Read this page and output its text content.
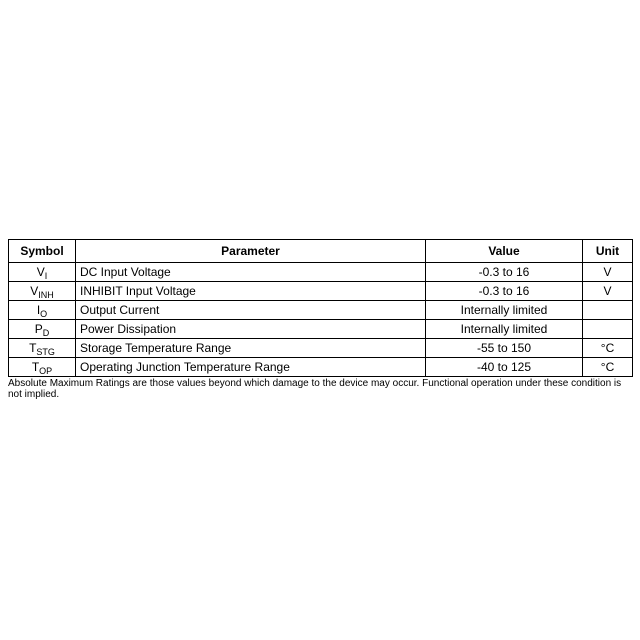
Symbol	Parameter	Value	Unit
$V_I$	DC Input Voltage	-0.3 to 16	V
$V_{INH}$	INHIBIT Input Voltage	-0.3 to 16	V
$I_O$	Output Current	Internally limited	
$P_D$	Power Dissipation	Internally limited	
$T_{STG}$	Storage Temperature Range	-55 to 150	°C
$T_{OP}$	Operating Junction Temperature Range	-40 to 125	°C
Absolute Maximum Ratings are those values beyond which damage to the device may occur. Functional operation under these condition is not implied.
